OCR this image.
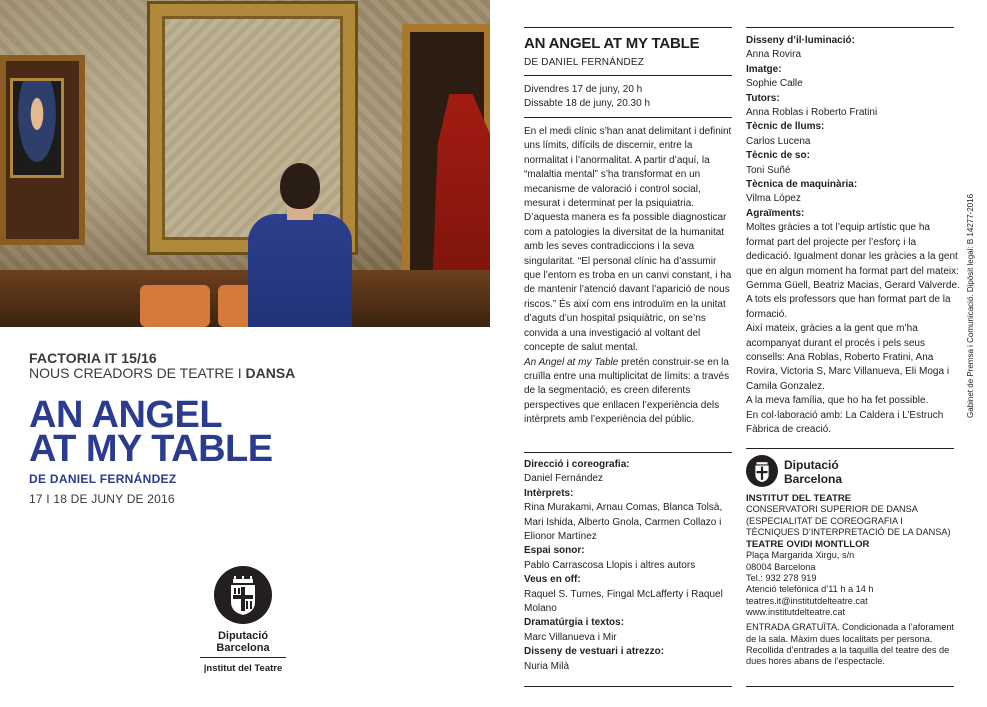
FACTORIA IT 15/16
NOUS CREADORS DE TEATRE I DANSA
AN ANGEL
AT MY TABLE
DE DANIEL FERNÁNDEZ
17 I 18 DE JUNY DE 2016
Diputació
Barcelona
|nstitut del Teatre
AN ANGEL AT MY TABLE
DE DANIEL FERNÁNDEZ
Divendres 17 de juny, 20 h
Dissabte 18 de juny, 20.30 h

En el medi clínic s’han anat delimitant i definint uns límits, difícils de discernir, entre la normalitat i l’anormalitat. A partir d’aquí, la “malaltia mental” s’ha transformat en un mecanisme de valoració i control social, mesurat i determinat per la psiquiatria. D’aquesta manera es fa possible diagnosticar com a patologies la diversitat de la humanitat amb les seves contradiccions i la seva singularitat. “El personal clínic ha d’assumir que l’entorn es troba en un canvi constant, i ha de mantenir l’atenció davant l’aparició de nous riscos.” És així com ens introduïm en la unitat d’aguts d’un hospital psiquiàtric, on se’ns convida a una investigació al voltant del concepte de salut mental.

An Angel at my Table pretén construir-se en la cruïlla entre una multiplicitat de límits: a través de la segmentació, es creen diferents perspectives que enllacen l’experiència dels intèrprets amb l’experiència del públic.

Direcció i coreografia:
Daniel Fernández
Intèrprets:
Rina Murakami, Arnau Comas, Blanca Tolsà, Mari Ishida, Alberto Gnola, Carmen Collazo i Elionor Martínez
Espai sonor:
Pablo Carrascosa Llopis i altres autors
Veus en off:
Raquel S. Turnes, Fingal McLafferty i Raquel Molano
Dramatúrgia i textos:
Marc Villanueva i Mir
Disseny de vestuari i atrezzo:
Nuria Milà
Disseny d’il·luminació:
Anna Rovira
Imatge:
Sophie Calle
Tutors:
Anna Roblas i Roberto Fratini
Tècnic de llums:
Carlos Lucena
Tècnic de so:
Toni Suñé
Tècnica de maquinària:
Vilma López
Agraïments:
Moltes gràcies a tot l’equip artístic que ha format part del projecte per l’esforç i la dedicació. Igualment donar les gràcies a la gent que en algun moment ha format part del mateix: Gemma Güell, Beatriz Macias, Gerard Valverde.
A tots els professors que han format part de la formació.
Així mateix, gràcies a la gent que m’ha acompanyat durant el procés i pels seus consells: Ana Roblas, Roberto Fratini, Ana Rovira, Victoria S, Marc Villanueva, Eli Moga i Camila Gonzalez.
A la meva família, que ho ha fet possible.
En col·laboració amb: La Caldera i L’Estruch Fàbrica de creació.
Diputació
Barcelona

INSTITUT DEL TEATRE

CONSERVATORI SUPERIOR DE DANSA

(ESPECIALITAT DE COREOGRAFIA I

TÈCNIQUES D’INTERPRETACIÓ DE LA DANSA)

TEATRE OVIDI MONTLLOR

Plaça Margarida Xirgu, s/n

08004 Barcelona

Tel.: 932 278 919

Atenció telefònica d’11 h a 14 h

teatres.it@institutdelteatre.cat

www.institutdelteatre.cat

ENTRADA GRATUÏTA. Condicionada a l’aforament de la sala. Màxim dues localitats per persona. Recollida d’entrades a la taquilla del teatre des de dues hores abans de l’espectacle.

Gabinet de Premsa i Comunicació. Dipòsit legal: B 14277-2016
